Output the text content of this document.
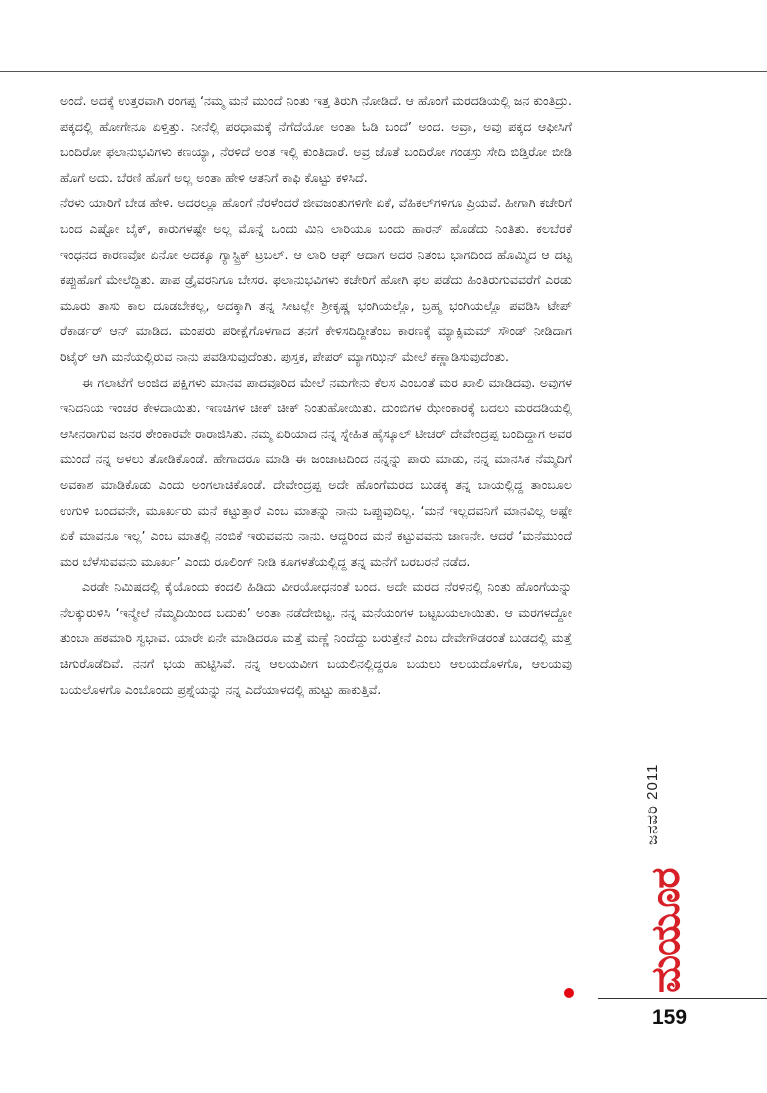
ಅಂದೆ. ಅದಕ್ಕೆ ಉತ್ತರವಾಗಿ ರಂಗಪ್ಪ ‘ನಮ್ಮ ಮನೆ ಮುಂದೆ ನಿಂತು ಇತ್ತ ತಿರುಗಿ ನೋಡಿದೆ. ಆ ಹೊಂಗೆ ಮರದಡಿಯಲ್ಲಿ ಜನ ಕುಂತಿದ್ರು. ಪಕ್ಕದಲ್ಲಿ ಹೋಗೇನೂ ಏಳ್ತಿತ್ತು. ನೀನೆಲ್ಲಿ ಪರಧಾಮಕ್ಕೆ ನೆಗೆದೆಯೋ ಅಂತಾ ಓಡಿ ಬಂದೆ’ ಅಂದ. ಅವ್ರಾ, ಅವು ಪಕ್ಕದ ಆಫೀಸಿಗೆ ಬಂದಿರೋ ಫಲಾನುಭವಿಗಳು ಕಣಯ್ಯಾ, ನೆರಳಿದೆ ಅಂತ ಇಲ್ಲಿ ಕುಂತಿದಾರೆ. ಅವ್ರ ಜೊತೆ ಬಂದಿರೋ ಗಂಡಸ್ರು ಸೇದಿ ಬಿಡ್ತಿರೋ ಬೀಡಿ ಹೊಗೆ ಅದು. ಬೆರಣಿ ಹೊಗೆ ಅಲ್ಲ ಅಂತಾ ಹೇಳಿ ಆತನಿಗೆ ಕಾಫಿ ಕೊಟ್ಟು ಕಳಿಸಿದೆ.

ನೆರಳು ಯಾರಿಗೆ ಬೇಡ ಹೇಳಿ. ಅದರಲ್ಲೂ ಹೊಂಗೆ ನೆರಳೆಂದರೆ ಜೀವಜಂತುಗಳಿಗೇ ಏಕೆ, ವೆಹಿಕಲ್‌ಗಳಿಗೂ ಪ್ರಿಯವೆ. ಹೀಗಾಗಿ ಕಚೇರಿಗೆ ಬಂದ ಎಷ್ಟೋ ಬೈಕ್, ಕಾರುಗಳಷ್ಟೇ ಅಲ್ಲ ಮೊನ್ನೆ ಒಂದು ಮಿನಿ ಲಾರಿಯೂ ಬಂದು ಹಾರನ್ ಹೊಡೆದು ನಿಂತಿತು. ಕಲಬೆರಕೆ ಇಂಧನದ ಕಾರಣವೋ ಏನೋ ಅದಕ್ಕೂ ಗ್ಯಾಸ್ಟ್ರಿಕ್ ಟ್ರಬಲ್. ಆ ಲಾರಿ ಆಫ್ ಆದಾಗ ಅದರ ನಿತಂಬ ಭಾಗದಿಂದ ಹೊಮ್ಮಿದ ಆ ದಟ್ಟ ಕಪ್ಪುಹೊಗೆ ಮೇಲೆದ್ದಿತು. ಪಾಪ ಡ್ರೈವರನಿಗೂ ಬೇಸರ. ಫಲಾನುಭವಿಗಳು ಕಚೇರಿಗೆ ಹೋಗಿ ಫಲ ಪಡೆದು ಹಿಂತಿರುಗುವವರೆಗೆ ಎರಡು ಮೂರು ತಾಸು ಕಾಲ ದೂಡಬೇಕಲ್ಲ, ಅದಕ್ಕಾಗಿ ತನ್ನ ಸೀಟಲ್ಲೇ ಶ್ರೀಕೃಷ್ಣ ಭಂಗಿಯಲ್ಲೊ, ಬ್ರಹ್ಮ ಭಂಗಿಯಲ್ಲೊ ಪವಡಿಸಿ ಟೇಪ್ ರೆಕಾರ್ಡರ್ ಆನ್ ಮಾಡಿದ. ಮಂಪರು ಪರೀಕ್ಷೆಗೊಳಗಾದ ತನಗೆ ಕೇಳಿಸದಿದ್ದೀತೆಂಬ ಕಾರಣಕ್ಕೆ ಮ್ಯಾಕ್ಸಿಮಮ್ ಸೌಂಡ್ ನೀಡಿದಾಗ ರಿಟೈರ್ ಆಗಿ ಮನೆಯಲ್ಲಿರುವ ನಾನು ಪವಡಿಸುವುದೆಂತು. ಪುಸ್ತಕ, ಪೇಪರ್ ಮ್ಯಾಗಝಿನ್ ಮೇಲೆ ಕಣ್ಣಾಡಿಸುವುದೆಂತು.

ಈ ಗಲಾಟೆಗೆ ಅಂಜಿದ ಪಕ್ಷಿಗಳು ಮಾನವ ಪಾದವೂರಿದ ಮೇಲೆ ನಮಗೇನು ಕೆಲಸ ಎಂಬಂತೆ ಮರ ಖಾಲಿ ಮಾಡಿದವು. ಅವುಗಳ ಇನಿದನಿಯ ಇಂಚರ ಕೇಳದಾಯಿತು. ಇಣಚಿಗಳ ಚೀಕ್ ಚೀಕ್ ನಿಂತುಹೋಯಿತು. ದುಂಬಿಗಳ ಝೇಂಕಾರಕ್ಕೆ ಬದಲು ಮರದಡಿಯಲ್ಲಿ ಆಸೀನರಾಗುವ ಜನರ ಠೇಂಕಾರವೇ ರಾರಾಜಿಸಿತು. ನಮ್ಮ ಏರಿಯಾದ ನನ್ನ ಸ್ನೇಹಿತ ಹೈಸ್ಕೂಲ್ ಟೀಚರ್ ದೇವೇಂದ್ರಪ್ಪ ಬಂದಿದ್ದಾಗ ಅವರ ಮುಂದೆ ನನ್ನ ಅಳಲು ತೋಡಿಕೊಂಡೆ. ಹೇಗಾದರೂ ಮಾಡಿ ಈ ಜಂಜಾಟದಿಂದ ನನ್ನನ್ನು ಪಾರು ಮಾಡು, ನನ್ನ ಮಾನಸಿಕ ನೆಮ್ಮದಿಗೆ ಅವಕಾಶ ಮಾಡಿಕೊಡು ಎಂದು ಅಂಗಲಾಚಿಕೊಂಡೆ. ದೇವೇಂದ್ರಪ್ಪ ಅದೇ ಹೊಂಗೆಮರದ ಬುಡಕ್ಕ ತನ್ನ ಬಾಯಲ್ಲಿದ್ದ ತಾಂಬೂಲ ಉಗುಳಿ ಬಂದವನೇ, ಮೂರ್ಖರು ಮನೆ ಕಟ್ಟುತ್ತಾರೆ ಎಂಬ ಮಾತನ್ನು ನಾನು ಒಪ್ಪುವುದಿಲ್ಲ. ‘ಮನೆ ಇಲ್ಲದವನಿಗೆ ಮಾನವಿಲ್ಲ ಅಷ್ಟೇ ಏಕೆ ಮಾವನೂ ಇಲ್ಲ’ ಎಂಬ ಮಾತಲ್ಲಿ ನಂಬಿಕೆ ಇರುವವನು ನಾನು. ಆದ್ದರಿಂದ ಮನೆ ಕಟ್ಟುವವನು ಜಾಣನೇ. ಆದರೆ ‘ಮನೆಮುಂದೆ ಮರ ಬೆಳೆಸುವವನು ಮೂರ್ಖ’ ಎಂದು ರೂಲಿಂಗ್ ನೀಡಿ ಕೂಗಳತೆಯಲ್ಲಿದ್ದ ತನ್ನ ಮನೆಗೆ ಬರಬರನೆ ನಡೆದ.

ಎರಡೇ ನಿಮಿಷದಲ್ಲಿ ಕೈಯೊಂದು ಕಂದಲಿ ಹಿಡಿದು ವೀರಯೋಧನಂತೆ ಬಂದ. ಅದೇ ಮರದ ನೆರಳಿನಲ್ಲಿ ನಿಂತು ಹೊಂಗೆಯನ್ನು ನೆಲಕ್ಕುರುಳಿಸಿ ‘ಇನ್ಮೇಲೆ ನೆಮ್ಮದಿಯಿಂದ ಬದುಕು’ ಅಂತಾ ನಡೆದೇಬಿಟ್ಟ. ನನ್ನ ಮನೆಯಂಗಳ ಬಟ್ಟಬಯಲಾಯಿತು. ಆ ಮರಗಳದ್ದೋ ತುಂಬಾ ಹಠಮಾರಿ ಸ್ವಭಾವ. ಯಾರೇ ಏನೇ ಮಾಡಿದರೂ ಮತ್ತೆ ಮಣ್ಣೆ ನಿಂದೆದ್ದು ಬರುತ್ತೇನೆ ಎಂಬ ದೇವೇಗೌಡರಂತೆ ಬುಡದಲ್ಲಿ ಮತ್ತೆ ಚಿಗುರೊಡೆದಿವೆ. ನನಗೆ ಭಯ ಹುಟ್ಟಿಸಿವೆ. ನನ್ನ ಆಲಯವೀಗ ಬಯಲಿನಲ್ಲಿದ್ದರೂ ಬಯಲು ಆಲಯದೊಳಗೊ, ಆಲಯವು ಬಯಲೊಳಗೊ ಎಂಬೊಂದು ಪ್ರಶ್ನೆಯನ್ನು ನನ್ನ ಎದೆಯಾಳದಲ್ಲಿ ಹುಟ್ಟು ಹಾಕುತ್ತಿವೆ.

ಜನವರಿ 2011
ಮಯೂರ
159
